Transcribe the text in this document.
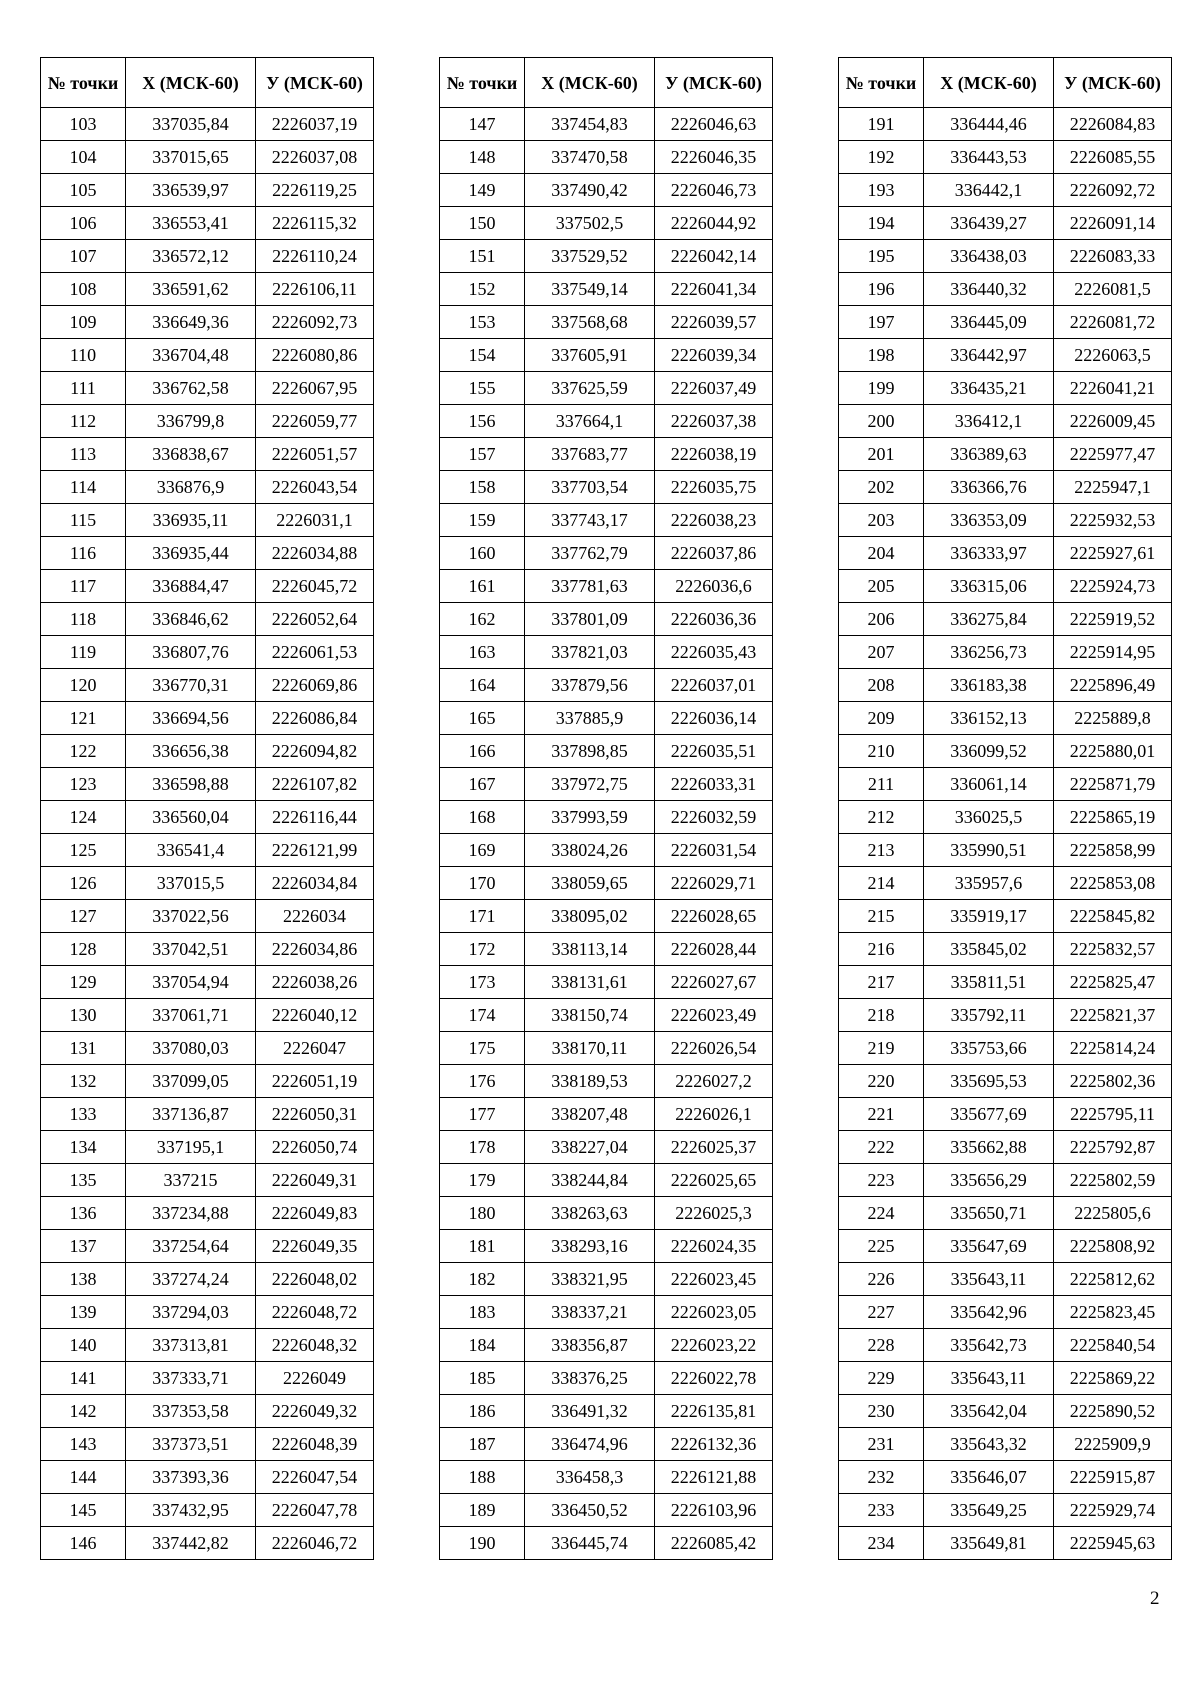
№ точки	X (МСК-60)	У (МСК-60)
103	337035,84	2226037,19
104	337015,65	2226037,08
105	336539,97	2226119,25
106	336553,41	2226115,32
107	336572,12	2226110,24
108	336591,62	2226106,11
109	336649,36	2226092,73
110	336704,48	2226080,86
111	336762,58	2226067,95
112	336799,8	2226059,77
113	336838,67	2226051,57
114	336876,9	2226043,54
115	336935,11	2226031,1
116	336935,44	2226034,88
117	336884,47	2226045,72
118	336846,62	2226052,64
119	336807,76	2226061,53
120	336770,31	2226069,86
121	336694,56	2226086,84
122	336656,38	2226094,82
123	336598,88	2226107,82
124	336560,04	2226116,44
125	336541,4	2226121,99
126	337015,5	2226034,84
127	337022,56	2226034
128	337042,51	2226034,86
129	337054,94	2226038,26
130	337061,71	2226040,12
131	337080,03	2226047
132	337099,05	2226051,19
133	337136,87	2226050,31
134	337195,1	2226050,74
135	337215	2226049,31
136	337234,88	2226049,83
137	337254,64	2226049,35
138	337274,24	2226048,02
139	337294,03	2226048,72
140	337313,81	2226048,32
141	337333,71	2226049
142	337353,58	2226049,32
143	337373,51	2226048,39
144	337393,36	2226047,54
145	337432,95	2226047,78
146	337442,82	2226046,72
№ точки	X (МСК-60)	У (МСК-60)
147	337454,83	2226046,63
148	337470,58	2226046,35
149	337490,42	2226046,73
150	337502,5	2226044,92
151	337529,52	2226042,14
152	337549,14	2226041,34
153	337568,68	2226039,57
154	337605,91	2226039,34
155	337625,59	2226037,49
156	337664,1	2226037,38
157	337683,77	2226038,19
158	337703,54	2226035,75
159	337743,17	2226038,23
160	337762,79	2226037,86
161	337781,63	2226036,6
162	337801,09	2226036,36
163	337821,03	2226035,43
164	337879,56	2226037,01
165	337885,9	2226036,14
166	337898,85	2226035,51
167	337972,75	2226033,31
168	337993,59	2226032,59
169	338024,26	2226031,54
170	338059,65	2226029,71
171	338095,02	2226028,65
172	338113,14	2226028,44
173	338131,61	2226027,67
174	338150,74	2226023,49
175	338170,11	2226026,54
176	338189,53	2226027,2
177	338207,48	2226026,1
178	338227,04	2226025,37
179	338244,84	2226025,65
180	338263,63	2226025,3
181	338293,16	2226024,35
182	338321,95	2226023,45
183	338337,21	2226023,05
184	338356,87	2226023,22
185	338376,25	2226022,78
186	336491,32	2226135,81
187	336474,96	2226132,36
188	336458,3	2226121,88
189	336450,52	2226103,96
190	336445,74	2226085,42
№ точки	X (МСК-60)	У (МСК-60)
191	336444,46	2226084,83
192	336443,53	2226085,55
193	336442,1	2226092,72
194	336439,27	2226091,14
195	336438,03	2226083,33
196	336440,32	2226081,5
197	336445,09	2226081,72
198	336442,97	2226063,5
199	336435,21	2226041,21
200	336412,1	2226009,45
201	336389,63	2225977,47
202	336366,76	2225947,1
203	336353,09	2225932,53
204	336333,97	2225927,61
205	336315,06	2225924,73
206	336275,84	2225919,52
207	336256,73	2225914,95
208	336183,38	2225896,49
209	336152,13	2225889,8
210	336099,52	2225880,01
211	336061,14	2225871,79
212	336025,5	2225865,19
213	335990,51	2225858,99
214	335957,6	2225853,08
215	335919,17	2225845,82
216	335845,02	2225832,57
217	335811,51	2225825,47
218	335792,11	2225821,37
219	335753,66	2225814,24
220	335695,53	2225802,36
221	335677,69	2225795,11
222	335662,88	2225792,87
223	335656,29	2225802,59
224	335650,71	2225805,6
225	335647,69	2225808,92
226	335643,11	2225812,62
227	335642,96	2225823,45
228	335642,73	2225840,54
229	335643,11	2225869,22
230	335642,04	2225890,52
231	335643,32	2225909,9
232	335646,07	2225915,87
233	335649,25	2225929,74
234	335649,81	2225945,63
2
